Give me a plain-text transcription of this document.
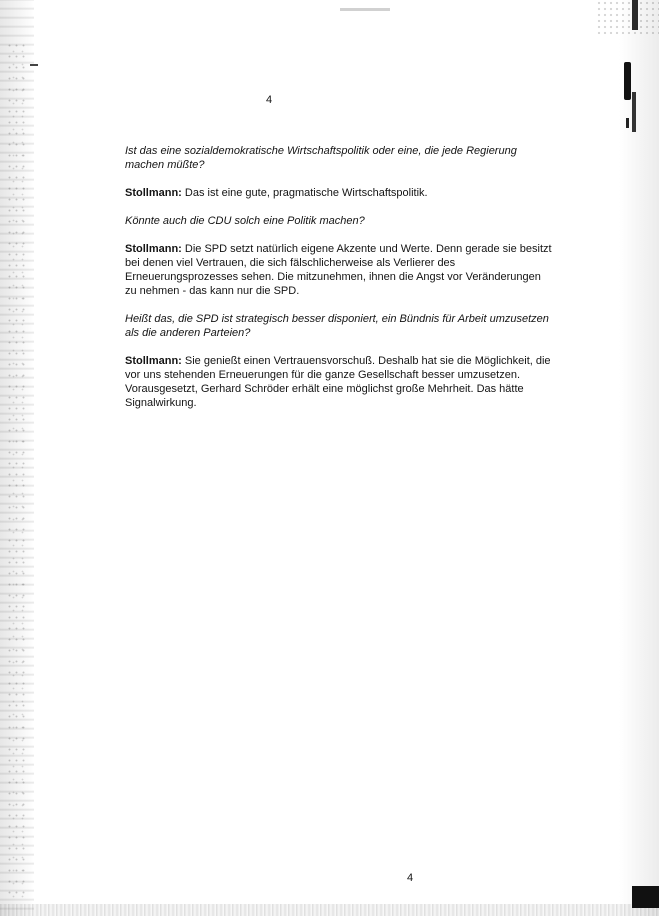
4

Ist das eine sozialdemokratische Wirtschaftspolitik oder eine, die jede Regierung machen müßte?

Stollmann: Das ist eine gute, pragmatische Wirtschaftspolitik.

Könnte auch die CDU solch eine Politik machen?

Stollmann: Die SPD setzt natürlich eigene Akzente und Werte. Denn gerade sie besitzt bei denen viel Vertrauen, die sich fälschlicherweise als Verlierer des Erneuerungsprozesses sehen. Die mitzunehmen, ihnen die Angst vor Veränderungen zu nehmen - das kann nur die SPD.

Heißt das, die SPD ist strategisch besser disponiert, ein Bündnis für Arbeit umzusetzen als die anderen Parteien?

Stollmann: Sie genießt einen Vertrauensvorschuß. Deshalb hat sie die Möglichkeit, die vor uns stehenden Erneuerungen für die ganze Gesellschaft besser umzusetzen. Vorausgesetzt, Gerhard Schröder erhält eine möglichst große Mehrheit. Das hätte Signalwirkung.

4
